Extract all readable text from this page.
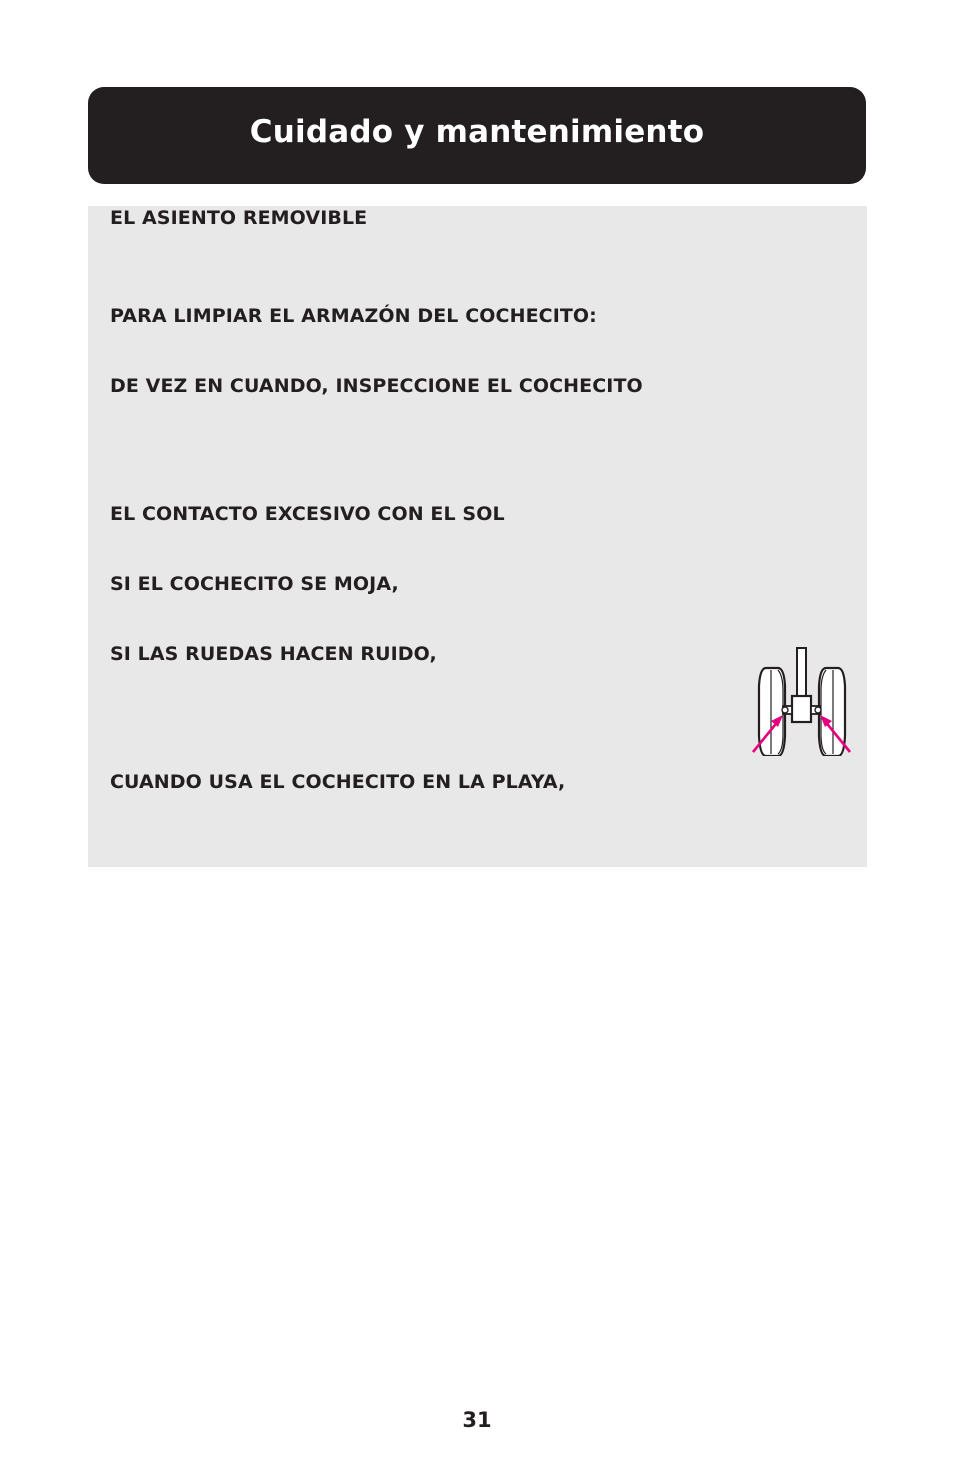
Cuidado y mantenimiento

EL ASIENTO REMOVIBLE

PARA LIMPIAR EL ARMAZÓN DEL COCHECITO:

DE VEZ EN CUANDO, INSPECCIONE EL COCHECITO

EL CONTACTO EXCESIVO CON EL SOL

SI EL COCHECITO SE MOJA,

SI LAS RUEDAS HACEN RUIDO,

CUANDO USA EL COCHECITO EN LA PLAYA,

31
